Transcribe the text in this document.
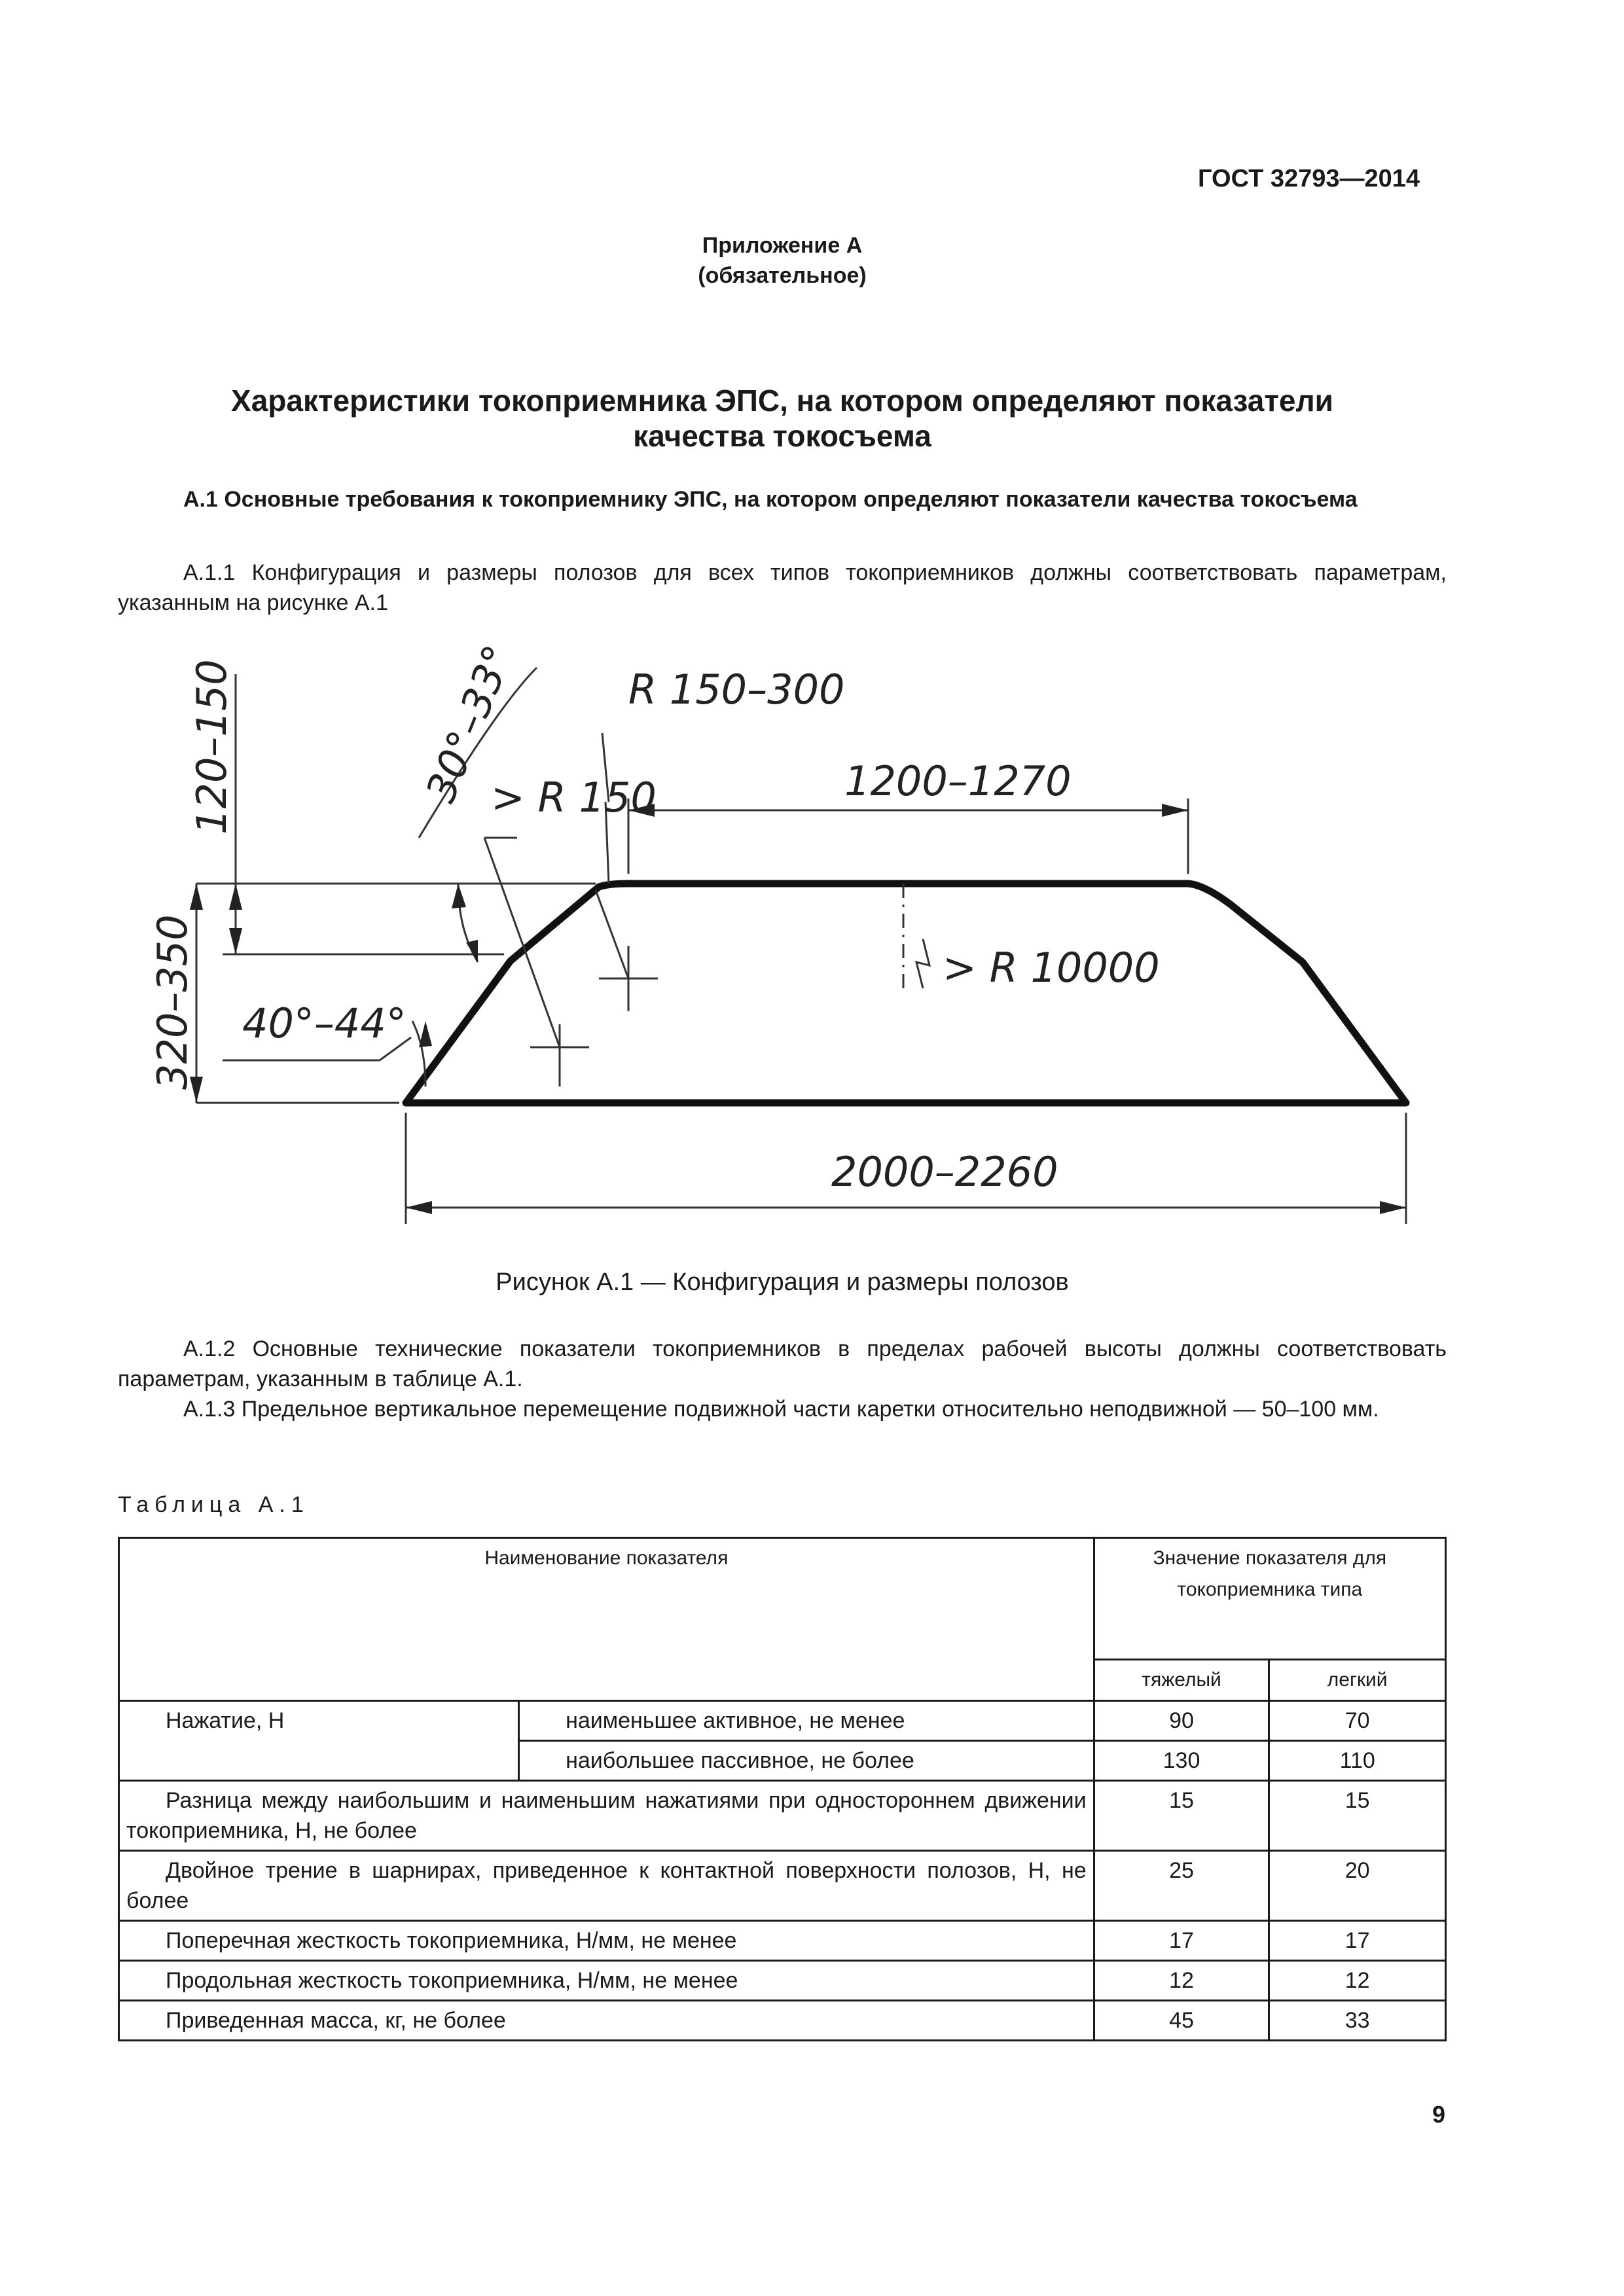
ГОСТ 32793—2014
Приложение А
(обязательное)
Характеристики токоприемника ЭПС, на котором определяют показатели
качества токосъема
А.1 Основные требования к токоприемнику ЭПС, на котором определяют показатели качества токосъема
А.1.1 Конфигурация и размеры полозов для всех типов токоприемников должны соответствовать параметрам, указанным на рисунке А.1
R 150–300
1200–1270
> R 150
> R 10000
2000–2260
40°–44°
120–150
320–350
30°–33°
Рисунок А.1 — Конфигурация и размеры полозов
А.1.2 Основные технические показатели токоприемников в пределах рабочей высоты должны соответствовать параметрам, указанным в таблице А.1.
А.1.3 Предельное вертикальное перемещение подвижной части каретки относительно неподвижной — 50–100 мм.
Таблица А.1
Наименование показателя		Значение показателя для токоприемника типа	
		тяжелый	легкий
Нажатие, Н	наименьшее активное, не менее	90	70
	наибольшее пассивное, не более	130	110
Разница между наибольшим и наименьшим нажатиями при одностороннем движении токоприемника, Н, не более		15	15
Двойное трение в шарнирах, приведенное к контактной поверхности полозов, Н, не более		25	20
Поперечная жесткость токоприемника, Н/мм, не менее		17	17
Продольная жесткость токоприемника, Н/мм, не менее		12	12
Приведенная масса, кг, не более		45	33
9
